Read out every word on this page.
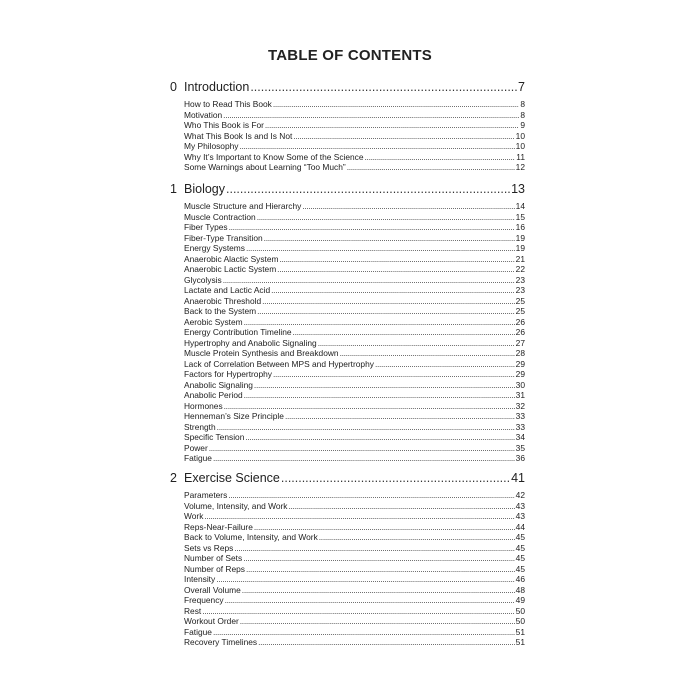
TABLE OF CONTENTS
0 Introduction .....	7
How to Read This Book .....	8
Motivation .....	8
Who This Book is For .....	9
What This Book Is and Is Not .....	10
My Philosophy .....	10
Why It’s Important to Know Some of the Science .....	11
Some Warnings about Learning “Too Much” .....	12
1 Biology .....	13
Muscle Structure and Hierarchy .....	14
Muscle Contraction .....	15
Fiber Types .....	16
Fiber-Type Transition .....	19
Energy Systems .....	19
Anaerobic Alactic System .....	21
Anaerobic Lactic System .....	22
Glycolysis .....	23
Lactate and Lactic Acid .....	23
Anaerobic Threshold .....	25
Back to the System .....	25
Aerobic System .....	26
Energy Contribution Timeline .....	26
Hypertrophy and Anabolic Signaling .....	27
Muscle Protein Synthesis and Breakdown .....	28
Lack of Correlation Between MPS and Hypertrophy .....	29
Factors for Hypertrophy .....	29
Anabolic Signaling .....	30
Anabolic Period .....	31
Hormones .....	32
Henneman’s Size Principle .....	33
Strength .....	33
Specific Tension .....	34
Power .....	35
Fatigue .....	36
2 Exercise Science .....	41
Parameters .....	42
Volume, Intensity, and Work .....	43
Work .....	43
Reps-Near-Failure .....	44
Back to Volume, Intensity, and Work .....	45
Sets vs Reps .....	45
Number of Sets .....	45
Number of Reps .....	45
Intensity .....	46
Overall Volume .....	48
Frequency .....	49
Rest .....	50
Workout Order .....	50
Fatigue .....	51
Recovery Timelines .....	51
